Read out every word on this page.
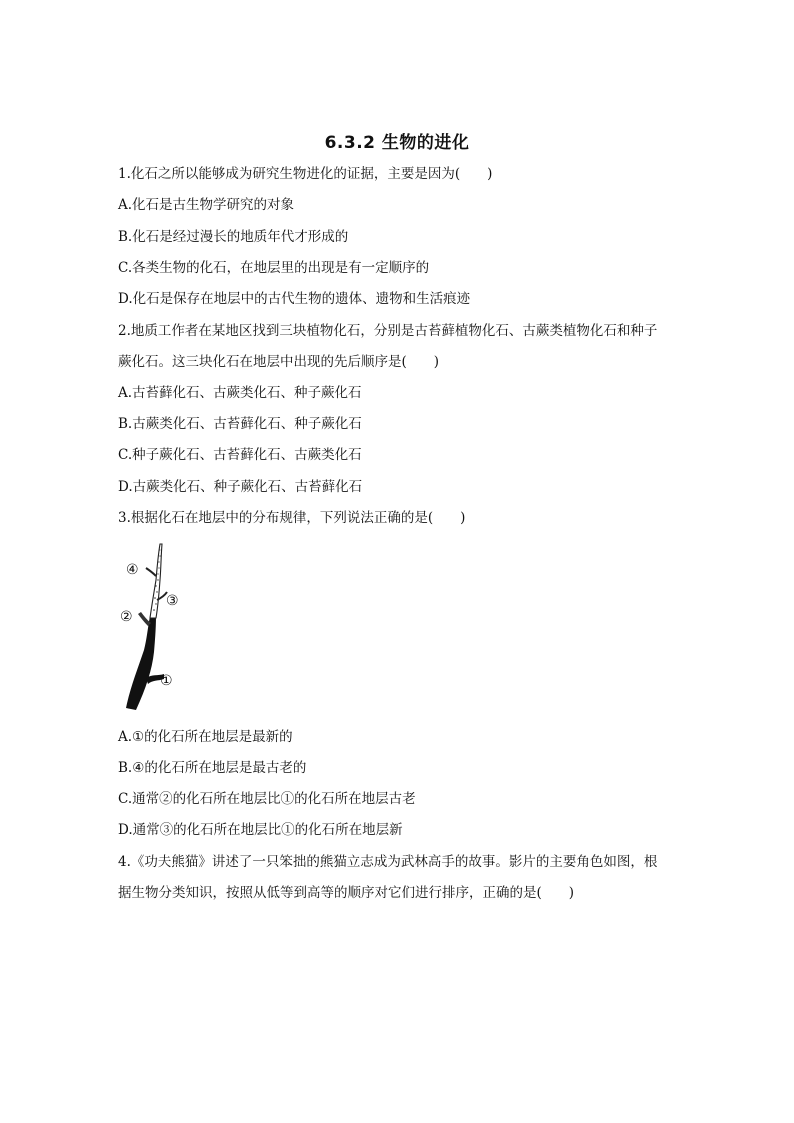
6.3.2 生物的进化
1.化石之所以能够成为研究生物进化的证据，主要是因为(　　)
A.化石是古生物学研究的对象
B.化石是经过漫长的地质年代才形成的
C.各类生物的化石，在地层里的出现是有一定顺序的
D.化石是保存在地层中的古代生物的遗体、遗物和生活痕迹
2.地质工作者在某地区找到三块植物化石，分别是古苔藓植物化石、古蕨类植物化石和种子
蕨化石。这三块化石在地层中出现的先后顺序是(　　)
A.古苔藓化石、古蕨类化石、种子蕨化石
B.古蕨类化石、古苔藓化石、种子蕨化石
C.种子蕨化石、古苔藓化石、古蕨类化石
D.古蕨类化石、种子蕨化石、古苔藓化石
3.根据化石在地层中的分布规律，下列说法正确的是(　　)
④
③
②
①
A.①的化石所在地层是最新的
B.④的化石所在地层是最古老的
C.通常②的化石所在地层比①的化石所在地层古老
D.通常③的化石所在地层比①的化石所在地层新
4.《功夫熊猫》讲述了一只笨拙的熊猫立志成为武林高手的故事。影片的主要角色如图，根
据生物分类知识，按照从低等到高等的顺序对它们进行排序，正确的是(　　)
